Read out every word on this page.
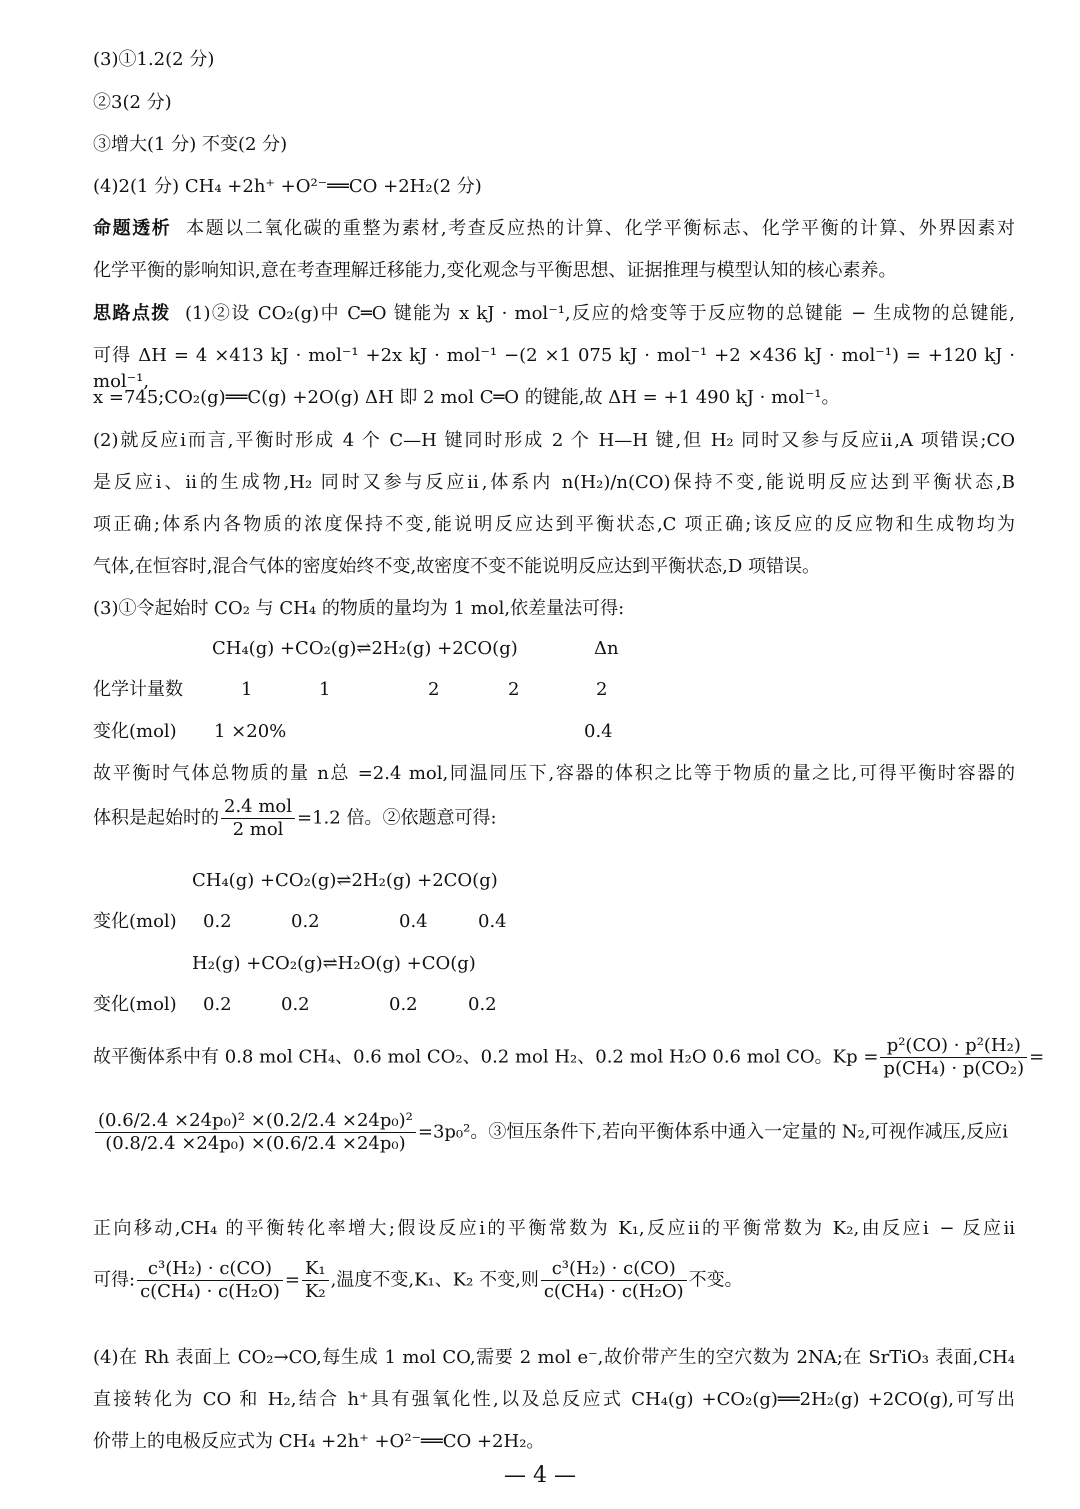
(3)①1.2(2 分)
②3(2 分)
③增大(1 分) 不变(2 分)
(4)2(1 分) CH₄ +2h⁺ +O²⁻══CO +2H₂(2 分)
命题透析 本题以二氧化碳的重整为素材,考查反应热的计算、化学平衡标志、化学平衡的计算、外界因素对
化学平衡的影响知识,意在考查理解迁移能力,变化观念与平衡思想、证据推理与模型认知的核心素养。
思路点拨 (1)②设 CO₂(g)中 C═O 键能为 x kJ · mol⁻¹,反应的焓变等于反应物的总键能 − 生成物的总键能,
可得 ΔH = 4 ×413 kJ · mol⁻¹ +2x kJ · mol⁻¹ −(2 ×1 075 kJ · mol⁻¹ +2 ×436 kJ · mol⁻¹) = +120 kJ · mol⁻¹,
x =745;CO₂(g)══C(g) +2O(g) ΔH 即 2 mol C═O 的键能,故 ΔH = +1 490 kJ · mol⁻¹。
(2)就反应ⅰ而言,平衡时形成 4 个 C—H 键同时形成 2 个 H—H 键,但 H₂ 同时又参与反应ⅱ,A 项错误;CO
是反应ⅰ、ⅱ的生成物,H₂ 同时又参与反应ⅱ,体系内 n(H₂)/n(CO)保持不变,能说明反应达到平衡状态,B
项正确;体系内各物质的浓度保持不变,能说明反应达到平衡状态,C 项正确;该反应的反应物和生成物均为
气体,在恒容时,混合气体的密度始终不变,故密度不变不能说明反应达到平衡状态,D 项错误。
(3)①令起始时 CO₂ 与 CH₄ 的物质的量均为 1 mol,依差量法可得:
CH₄(g) +CO₂(g)⇌2H₂(g) +2CO(g)	Δn
化学计量数	1	1	2	2	2
变化(mol) 1 ×20%	0.4
故平衡时气体总物质的量 n总 =2.4 mol,同温同压下,容器的体积之比等于物质的量之比,可得平衡时容器的
体积是起始时的 $\frac{\text{2.4 mol}}{\text{2 mol}} =1.2$ 倍。②依题意可得:
CH₄(g) +CO₂(g)⇌2H₂(g) +2CO(g)
变化(mol) 0.2	0.2	0.4	0.4
H₂(g) +CO₂(g)⇌H₂O(g) +CO(g)
变化(mol) 0.2	0.2	0.2	0.2
故平衡体系中有 0.8 mol CH₄、0.6 mol CO₂、0.2 mol H₂、0.2 mol H₂O 0.6 mol CO。$Kp = \frac{\text{p²(CO) · p²(H₂)}}{\text{p(CH₄) · p(CO₂)}}$ =
$\frac{\text{(0.6/2.4 ×24p₀)² ×(0.2/2.4 ×24p₀)²}}{\text{(0.8/2.4 ×24p₀) ×(0.6/2.4 ×24p₀)}} =3p_0^2$。③恒压条件下,若向平衡体系中通入一定量的 N₂,可视作减压,反应ⅰ
正向移动,CH₄ 的平衡转化率增大;假设反应ⅰ的平衡常数为 K₁,反应ⅱ的平衡常数为 K₂,由反应ⅰ − 反应ⅱ
可得: $\frac{\text{c³(H₂) · c(CO)}}{\text{c(CH₄) · c(H₂O)}} = \frac{\text{K₁}}{\text{K₂}}$ ,温度不变,K₁、K₂ 不变,则 $\frac{\text{c³(H₂) · c(CO)}}{\text{c(CH₄) · c(H₂O)}}$ 不变。
(4)在 Rh 表面上 CO₂→CO,每生成 1 mol CO,需要 2 mol e⁻,故价带产生的空穴数为 2NA;在 SrTiO₃ 表面,CH₄
直接转化为 CO 和 H₂,结合 h⁺具有强氧化性,以及总反应式 CH₄(g) +CO₂(g)══2H₂(g) +2CO(g),可写出
价带上的电极反应式为 CH₄ +2h⁺ +O²⁻══CO +2H₂。
— 4 —
